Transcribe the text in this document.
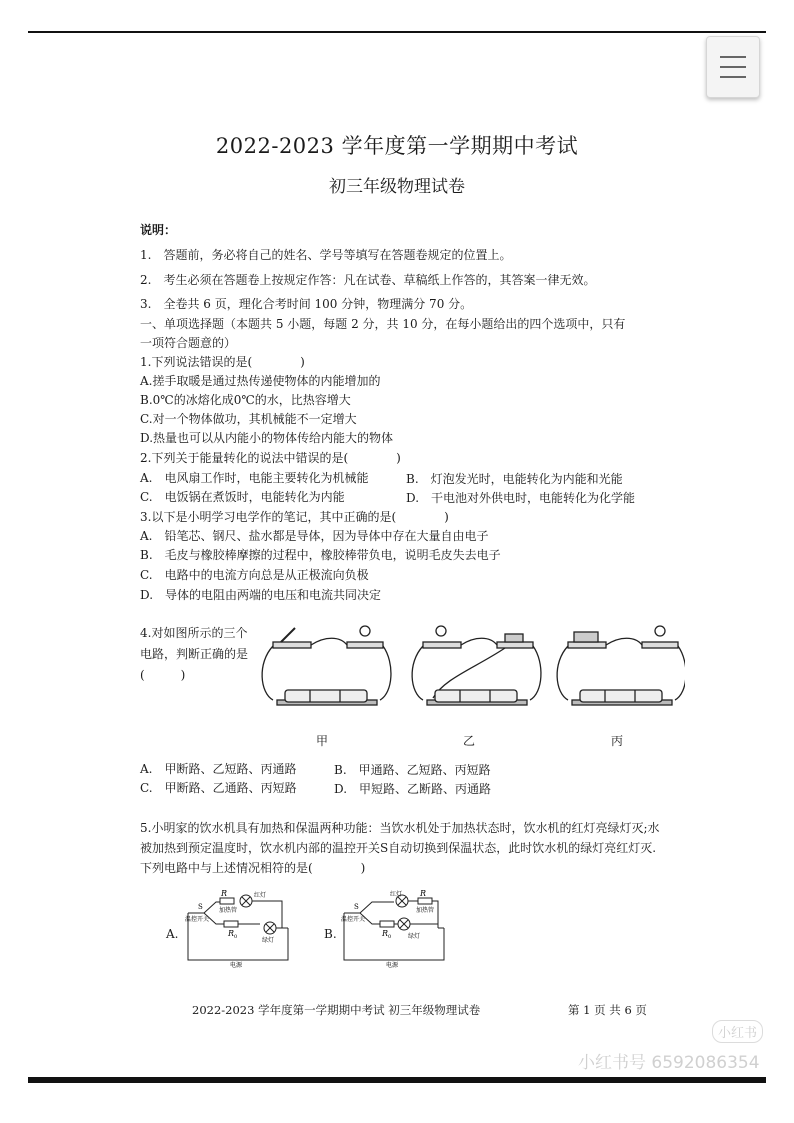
2022-2023 学年度第一学期期中考试
初三年级物理试卷
说明：
1.　答题前，务必将自己的姓名、学号等填写在答题卷规定的位置上。
2.　考生必须在答题卷上按规定作答：凡在试卷、草稿纸上作答的，其答案一律无效。
3.　全卷共 6 页，理化合考时间 100 分钟，物理满分 70 分。
一、单项选择题（本题共 5 小题，每题 2 分，共 10 分，在每小题给出的四个选项中，只有
一项符合题意的）
1.下列说法错误的是(　　　　)
A.搓手取暖是通过热传递使物体的内能增加的
B.0℃的冰熔化成0℃的水，比热容增大
C.对一个物体做功，其机械能不一定增大
D.热量也可以从内能小的物体传给内能大的物体
2.下列关于能量转化的说法中错误的是(　　　　)
A.　电风扇工作时，电能主要转化为机械能	B.　灯泡发光时，电能转化为内能和光能
C.　电饭锅在煮饭时，电能转化为内能	D.　干电池对外供电时，电能转化为化学能
3.以下是小明学习电学作的笔记，其中正确的是(　　　　)
A.　铅笔芯、钢尺、盐水都是导体，因为导体中存在大量自由电子
B.　毛皮与橡胶棒摩擦的过程中，橡胶棒带负电，说明毛皮失去电子
C.　电路中的电流方向总是从正极流向负极
D.　导体的电阻由两端的电压和电流共同决定
4.对如图所示的三个电路，判断正确的是(　　　)
甲	乙	丙
A.　甲断路、乙短路、丙通路	B.　甲通路、乙短路、丙短路
C.　甲断路、乙通路、丙短路	D.　甲短路、乙断路、丙通路
5.小明家的饮水机具有加热和保温两种功能：当饮水机处于加热状态时，饮水机的红灯亮绿灯灭;水被加热到预定温度时，饮水机内部的温控开关S自动切换到保温状态，此时饮水机的绿灯亮红灯灭.下列电路中与上述情况相符的是(　　　　)
A.
R
加热管
红灯
S
温控开关
R 0	绿灯
电源
B.
R
加热管
红灯
S
温控开关
R 0	绿灯
电源
2022-2023 学年度第一学期期中考试 初三年级物理试卷	第 1 页 共 6 页
小红书
小红书号 6592086354
